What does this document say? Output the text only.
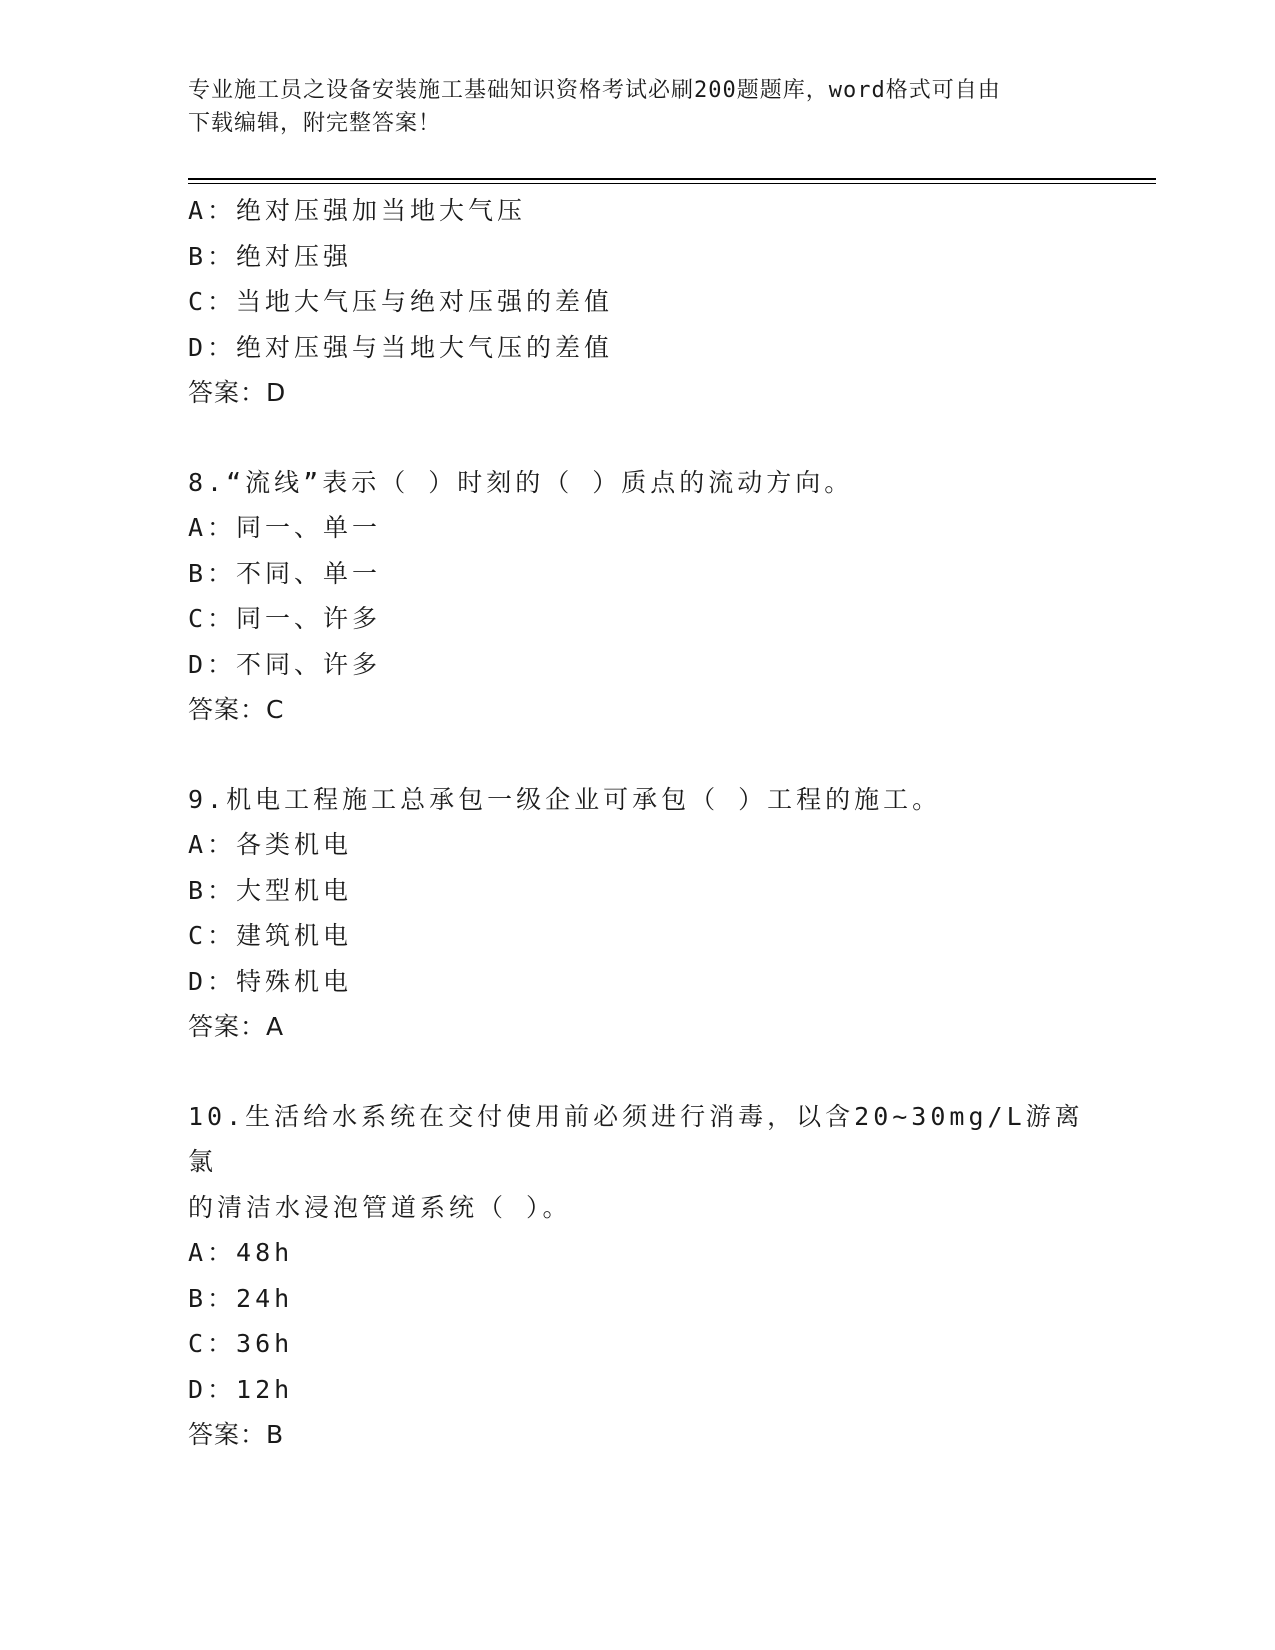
专业施工员之设备安装施工基础知识资格考试必刷200题题库，word格式可自由
下载编辑，附完整答案！
A：绝对压强加当地大气压
B：绝对压强
C：当地大气压与绝对压强的差值
D：绝对压强与当地大气压的差值
答案：D
8.“流线”表示（ ）时刻的（ ）质点的流动方向。
A：同一、单一
B：不同、单一
C：同一、许多
D：不同、许多
答案：C
9.机电工程施工总承包一级企业可承包（ ）工程的施工。
A：各类机电
B：大型机电
C：建筑机电
D：特殊机电
答案：A
10.生活给水系统在交付使用前必须进行消毒，以含20~30mg/L游离氯
的清洁水浸泡管道系统（ ）。
A：48h
B：24h
C：36h
D：12h
答案：B
